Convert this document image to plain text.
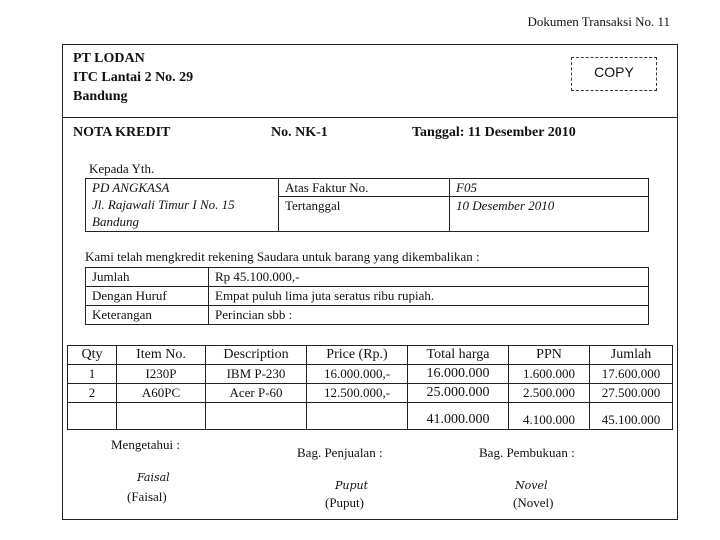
Dokumen Transaksi No. 11
PT LODAN
ITC Lantai 2 No. 29
Bandung
COPY
NOTA KREDIT	No. NK-1	Tanggal: 11 Desember 2010
Kepada Yth.
PD ANGKASA
Jl. Rajawali Timur I No. 15
Bandung	Atas Faktur No.	F05
	Tertanggal	10 Desember 2010
Kami telah mengkredit rekening Saudara untuk barang yang dikembalikan :
Jumlah	Rp 45.100.000,-
Dengan Huruf	Empat puluh lima juta seratus ribu rupiah.
Keterangan	Perincian sbb :
Qty	Item No.	Description	Price (Rp.)	Total harga	PPN	Jumlah
1	I230P	IBM P-230	16.000.000,-	16.000.000	1.600.000	17.600.000
2	A60PC	Acer P-60	12.500.000,-	25.000.000	2.500.000	27.500.000
				41.000.000	4.100.000	45.100.000
Mengetahui :
Bag. Penjualan :	Bag. Pembukuan :
Faisal
Puput	Novel
(Faisal)	(Puput)	(Novel)
